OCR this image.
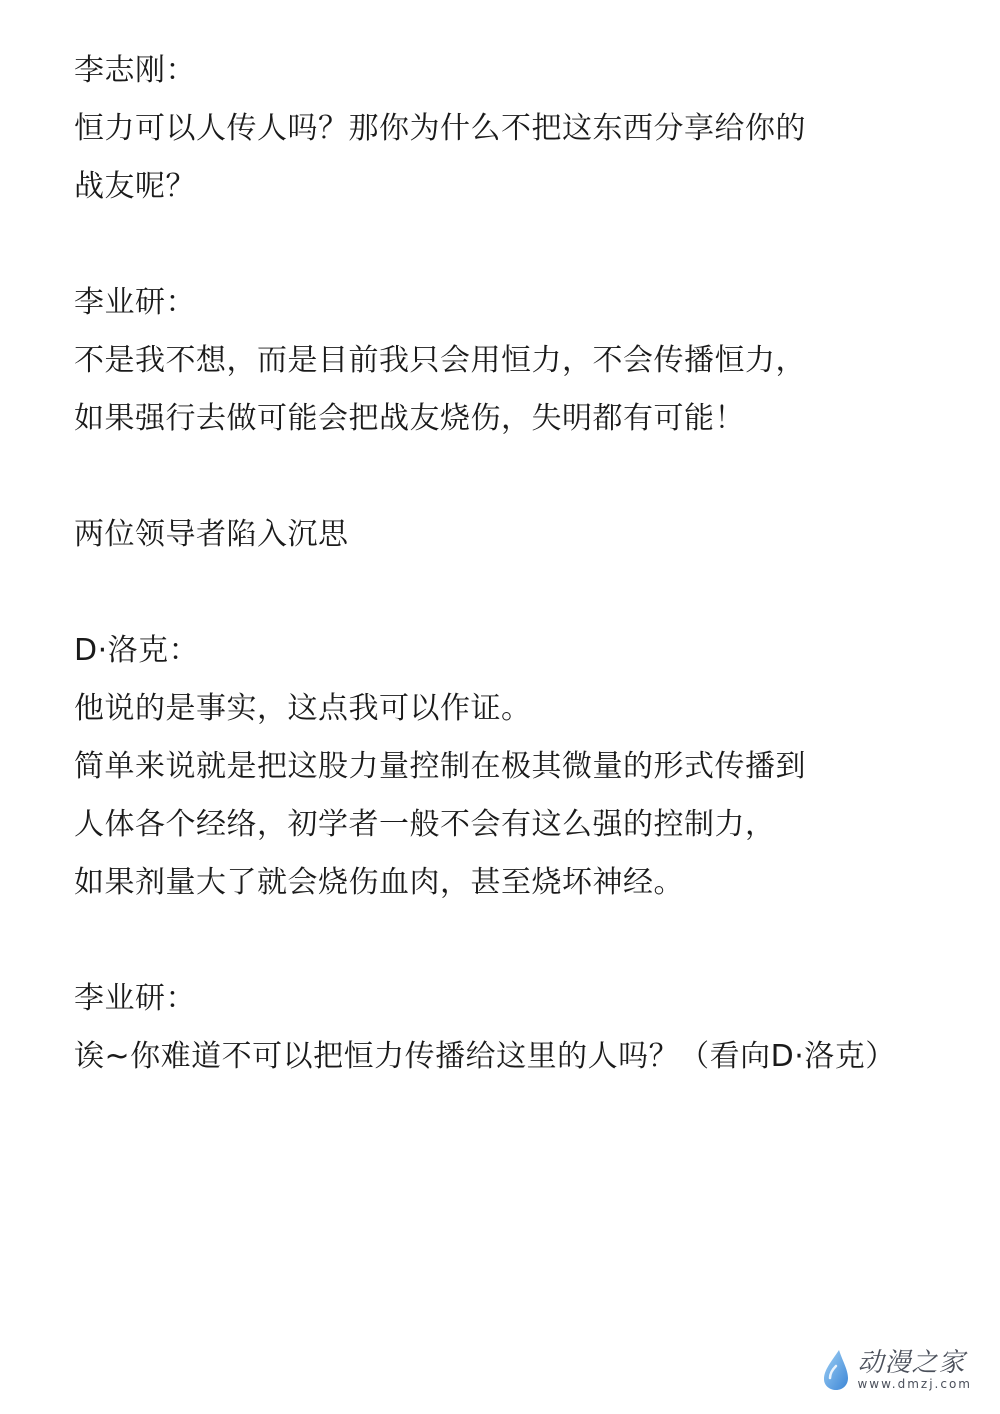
李志刚：
恒力可以人传人吗？那你为什么不把这东西分享给你的
战友呢？
李业研：
不是我不想，而是目前我只会用恒力，不会传播恒力，
如果强行去做可能会把战友烧伤，失明都有可能！
两位领导者陷入沉思
D·洛克：
他说的是事实，这点我可以作证。
简单来说就是把这股力量控制在极其微量的形式传播到
人体各个经络，初学者一般不会有这么强的控制力，
如果剂量大了就会烧伤血肉，甚至烧坏神经。
李业研：
诶~你难道不可以把恒力传播给这里的人吗？（看向D·洛克）
动漫之家
www.dmzj.com
